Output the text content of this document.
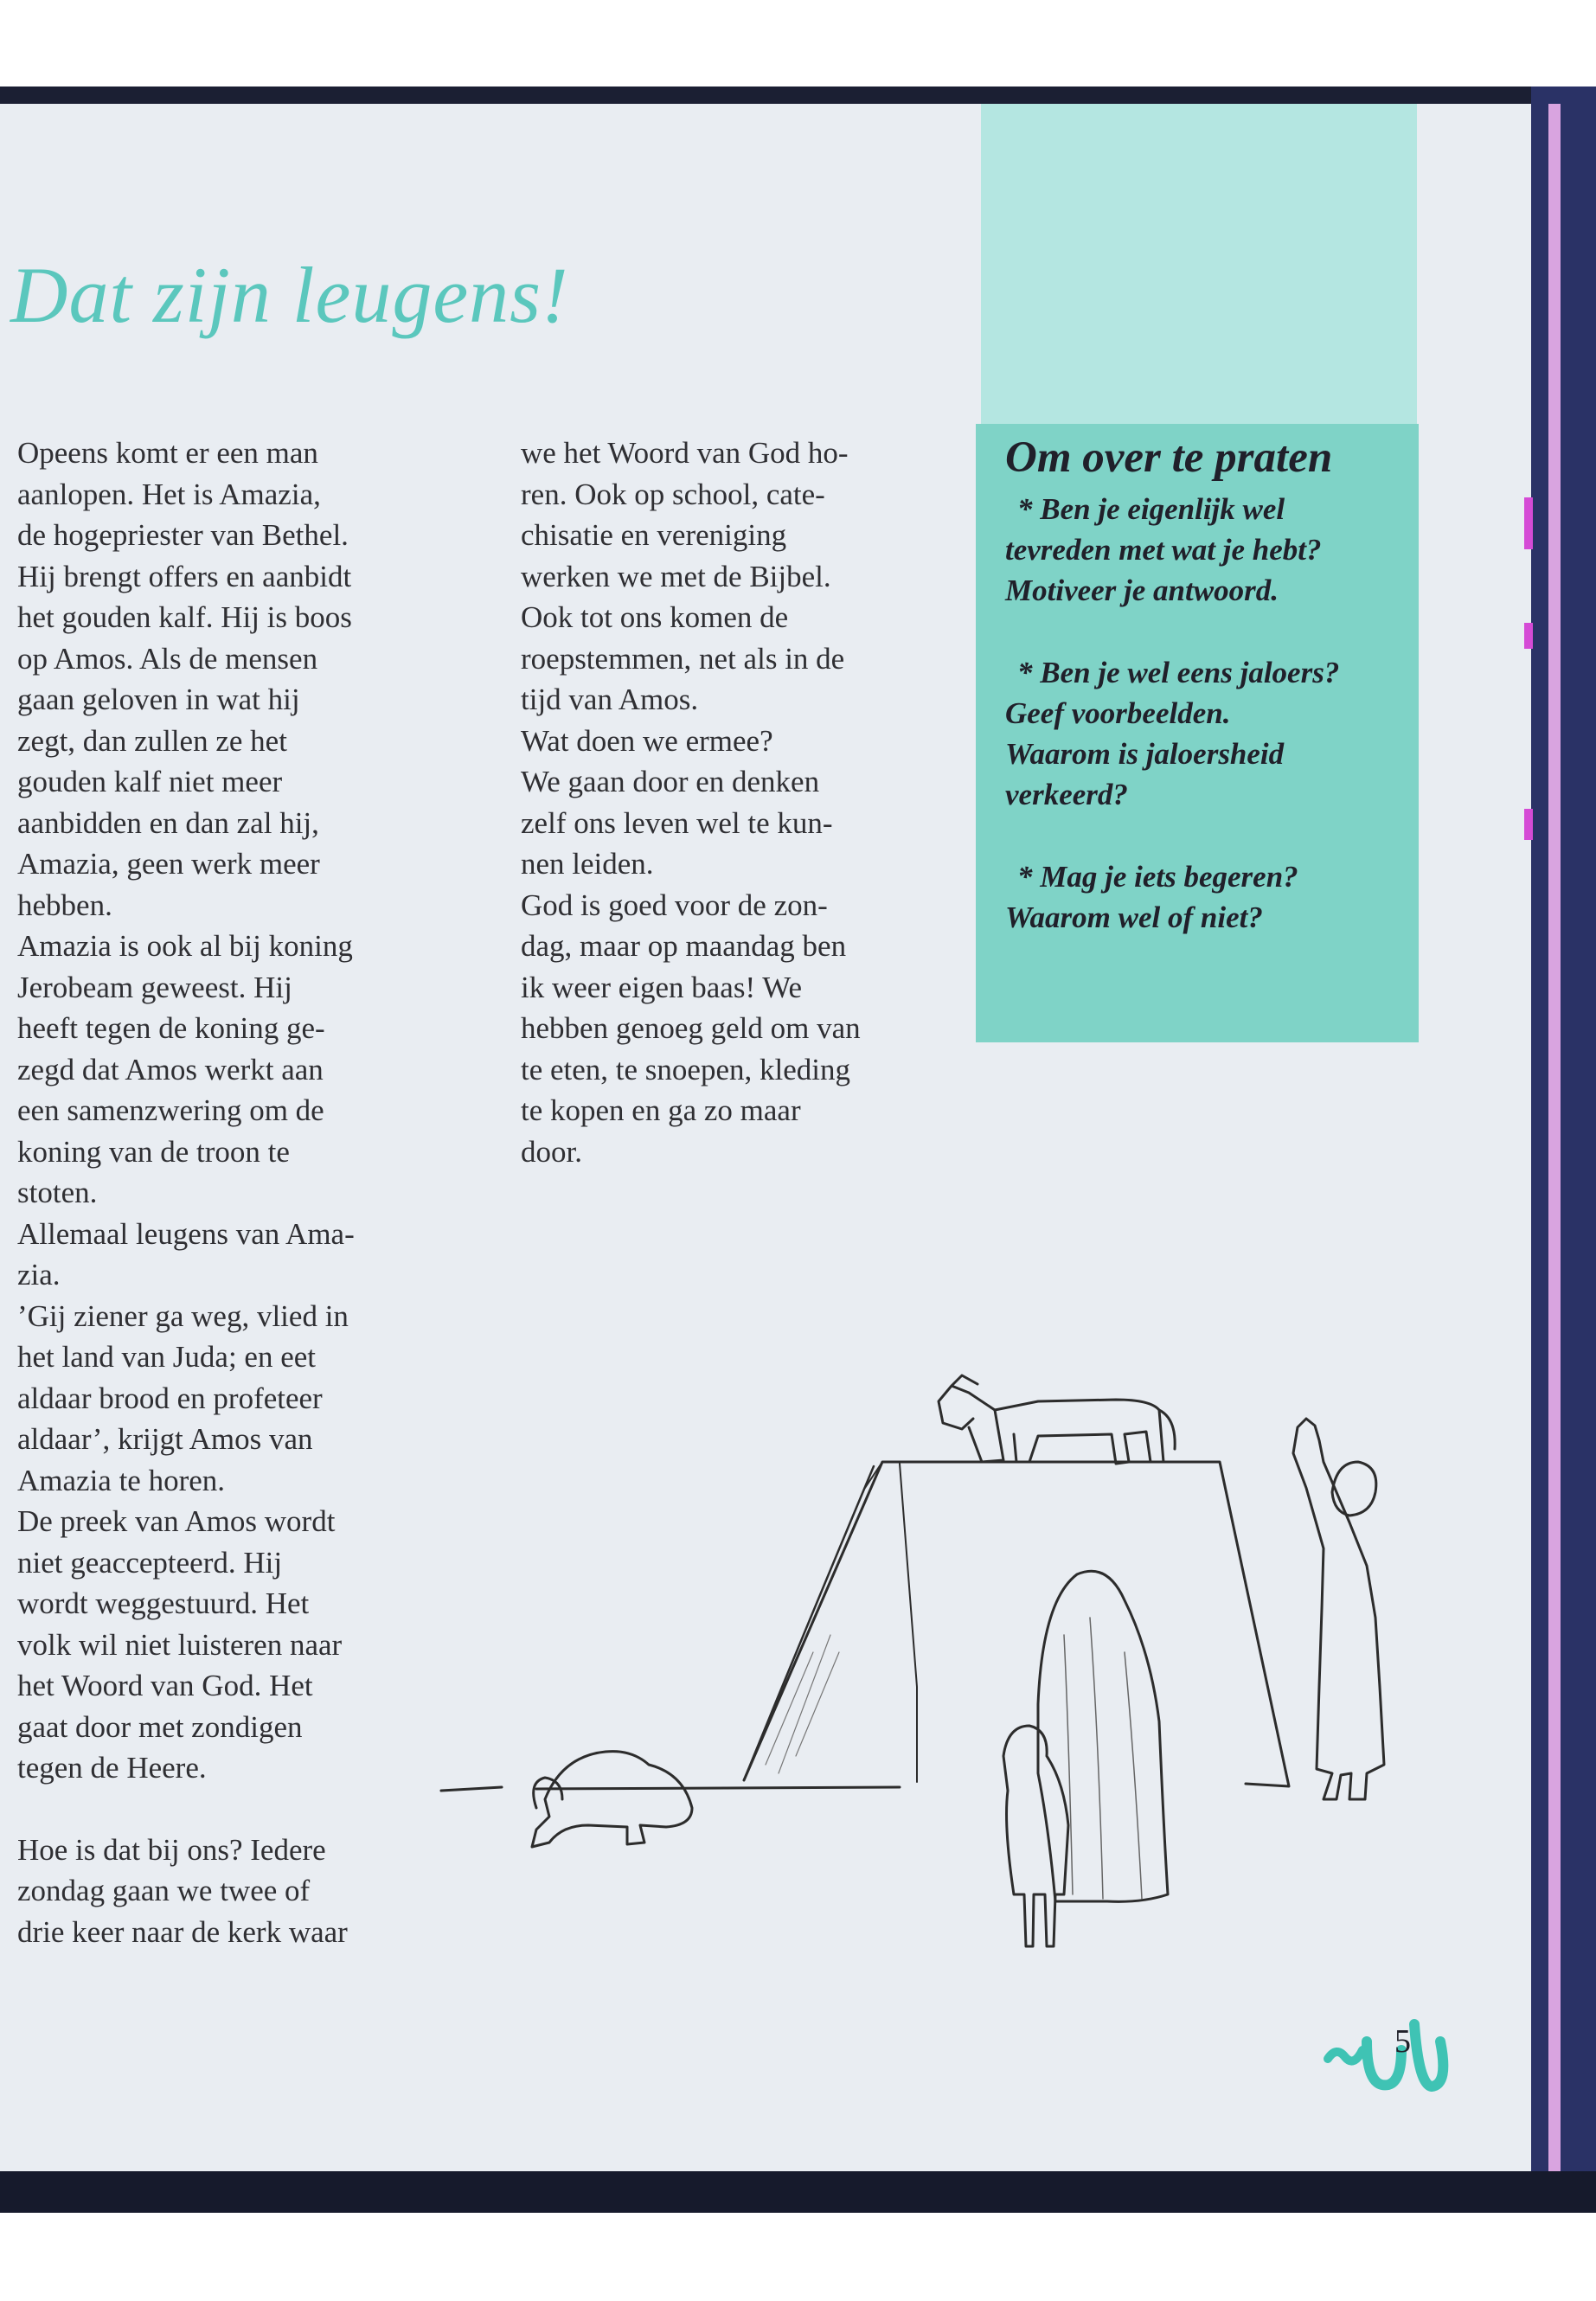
Dat zijn leugens!

Opeens komt er een man

aanlopen. Het is Amazia,

de hogepriester van Bethel.

Hij brengt offers en aanbidt

het gouden kalf. Hij is boos

op Amos. Als de mensen

gaan geloven in wat hij

zegt, dan zullen ze het

gouden kalf niet meer

aanbidden en dan zal hij,

Amazia, geen werk meer

hebben.

Amazia is ook al bij koning

Jerobeam geweest. Hij

heeft tegen de koning ge-

zegd dat Amos werkt aan

een samenzwering om de

koning van de troon te

stoten.

Allemaal leugens van Ama-

zia.

’Gij ziener ga weg, vlied in

het land van Juda; en eet

aldaar brood en profeteer

aldaar’, krijgt Amos van

Amazia te horen.

De preek van Amos wordt

niet geaccepteerd. Hij

wordt weggestuurd. Het

volk wil niet luisteren naar

het Woord van God. Het

gaat door met zondigen

tegen de Heere.

Hoe is dat bij ons? Iedere

zondag gaan we twee of

drie keer naar de kerk waar

we het Woord van God ho-

ren. Ook op school, cate-

chisatie en vereniging

werken we met de Bijbel.

Ook tot ons komen de

roepstemmen, net als in de

tijd van Amos.

Wat doen we ermee?

We gaan door en denken

zelf ons leven wel te kun-

nen leiden.

God is goed voor de zon-

dag, maar op maandag ben

ik weer eigen baas! We

hebben genoeg geld om van

te eten, te snoepen, kleding

te kopen en ga zo maar

door.

Om over te praten

* Ben je eigenlijk wel

tevreden met wat je hebt?

Motiveer je antwoord.

* Ben je wel eens jaloers?

Geef voorbeelden.

Waarom is jaloersheid

verkeerd?

* Mag je iets begeren?

Waarom wel of niet?

5
